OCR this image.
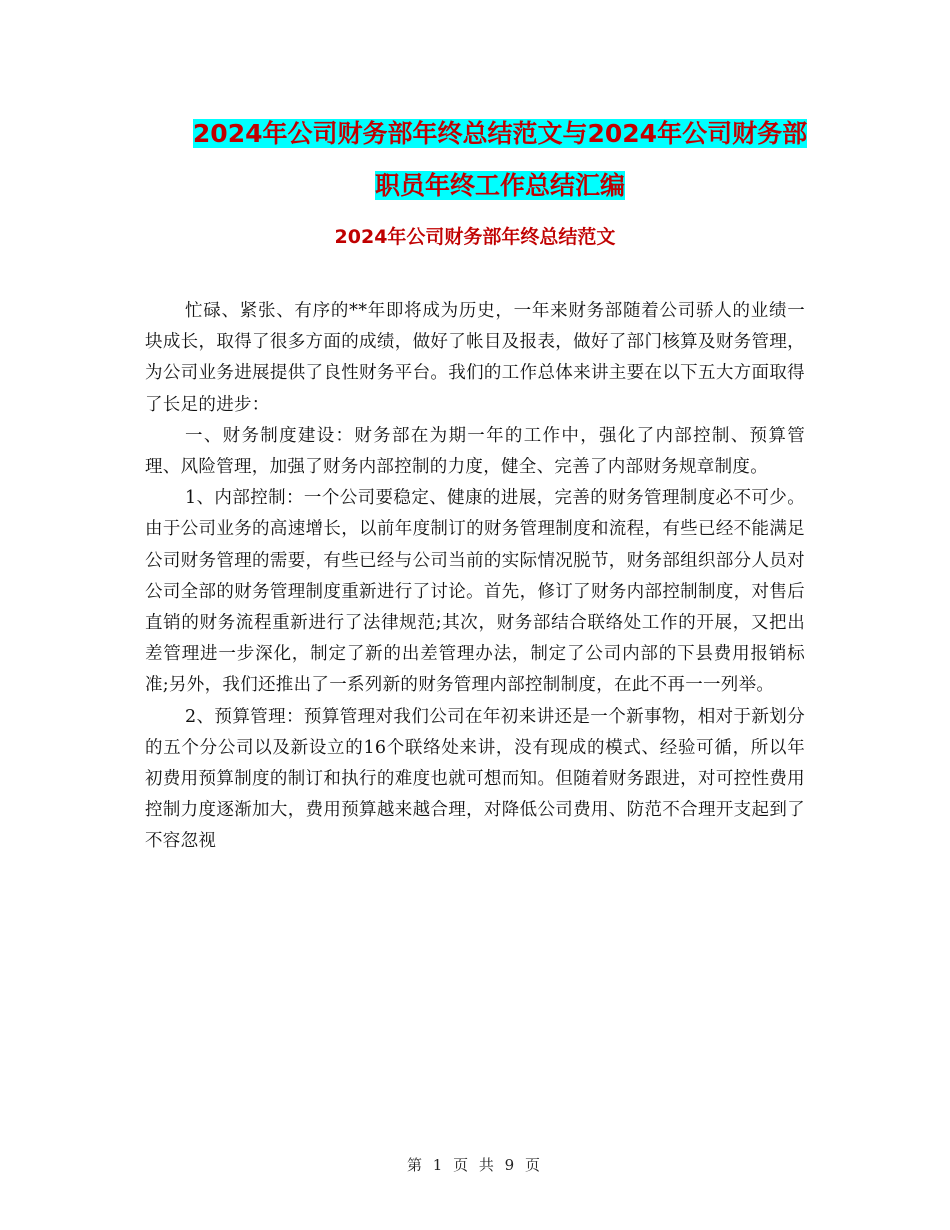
2024年公司财务部年终总结范文与2024年公司财务部
职员年终工作总结汇编
2024年公司财务部年终总结范文

忙碌、紧张、有序的**年即将成为历史，一年来财务部随着公司骄人的业绩一块成长，取得了很多方面的成绩，做好了帐目及报表，做好了部门核算及财务管理，为公司业务进展提供了良性财务平台。我们的工作总体来讲主要在以下五大方面取得了长足的进步：

一、财务制度建设：财务部在为期一年的工作中，强化了内部控制、预算管理、风险管理，加强了财务内部控制的力度，健全、完善了内部财务规章制度。

1、内部控制：一个公司要稳定、健康的进展，完善的财务管理制度必不可少。由于公司业务的高速增长，以前年度制订的财务管理制度和流程，有些已经不能满足公司财务管理的需要，有些已经与公司当前的实际情况脱节，财务部组织部分人员对公司全部的财务管理制度重新进行了讨论。首先，修订了财务内部控制制度，对售后直销的财务流程重新进行了法律规范;其次，财务部结合联络处工作的开展，又把出差管理进一步深化，制定了新的出差管理办法，制定了公司内部的下县费用报销标准;另外，我们还推出了一系列新的财务管理内部控制制度，在此不再一一列举。

2、预算管理：预算管理对我们公司在年初来讲还是一个新事物，相对于新划分的五个分公司以及新设立的16个联络处来讲，没有现成的模式、经验可循，所以年初费用预算制度的制订和执行的难度也就可想而知。但随着财务跟进，对可控性费用控制力度逐渐加大，费用预算越来越合理，对降低公司费用、防范不合理开支起到了不容忽视

第 1 页 共 9 页
